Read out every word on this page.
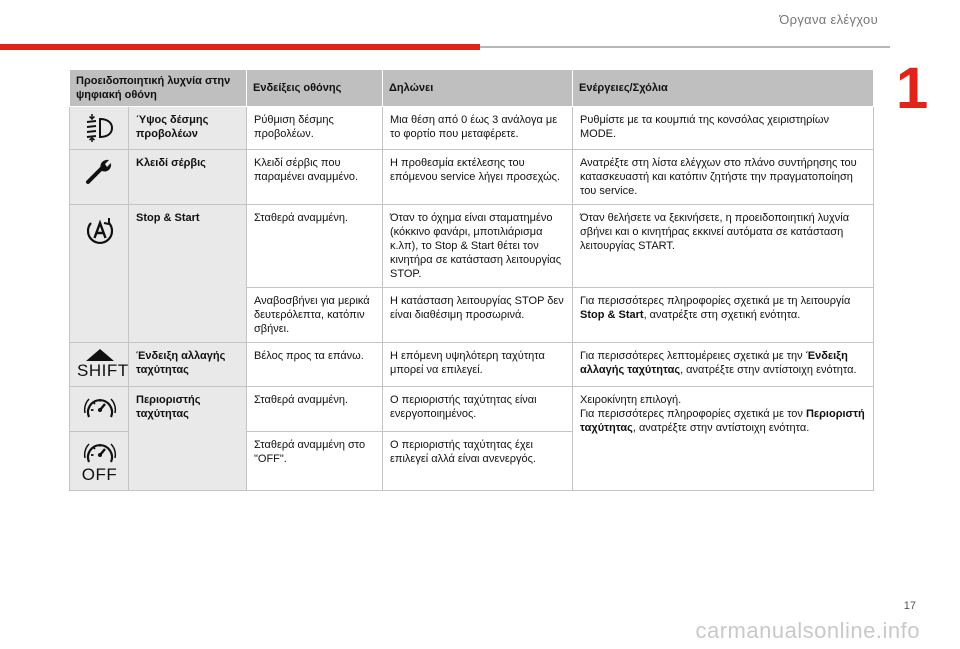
Όργανα ελέγχου
1
Προειδοποιητική λυχνία στην ψηφιακή οθόνη		Ενδείξεις οθόνης	Δηλώνει	Ενέργειες/Σχόλια

	Ύψος δέσμης προβολέων	Ρύθμιση δέσμης προβολέων.	Μια θέση από 0 έως 3 ανάλογα με το φορτίο που μεταφέρετε.	Ρυθμίστε με τα κουμπιά της κονσόλας χειριστηρίων MODE.

	Κλειδί σέρβις	Κλειδί σέρβις που παραμένει αναμμένο.	Η προθεσμία εκτέλεσης του επόμενου service λήγει προσεχώς.	Ανατρέξτε στη λίστα ελέγχων στο πλάνο συντήρησης του κατασκευαστή και κατόπιν ζητήστε την πραγματοποίηση του service.

	Stop & Start	Σταθερά αναμμένη.	Όταν το όχημα είναι σταματημένο (κόκκινο φανάρι, μποτιλιάρισμα κ.λπ), το Stop & Start θέτει τον κινητήρα σε κατάσταση λειτουργίας STOP.	Όταν θελήσετε να ξεκινήσετε, η προειδοποιητική λυχνία σβήνει και ο κινητήρας εκκινεί αυτόματα σε κατάσταση λειτουργίας START.
		Αναβοσβήνει για μερικά δευτερόλεπτα, κατόπιν σβήνει.	Η κατάσταση λειτουργίας STOP δεν είναι διαθέσιμη προσωρινά.	Για περισσότερες πληροφορίες σχετικά με τη λειτουργία Stop & Start, ανατρέξτε στη σχετική ενότητα.

SHIFT	Ένδειξη αλλαγής ταχύτητας	Βέλος προς τα επάνω.	Η επόμενη υψηλότερη ταχύτητα μπορεί να επιλεγεί.	Για περισσότερες λεπτομέρειες σχετικά με την Ένδειξη αλλαγής ταχύτητας, ανατρέξτε στην αντίστοιχη ενότητα.

	Περιοριστής ταχύτητας	Σταθερά αναμμένη.	Ο περιοριστής ταχύτητας είναι ενεργοποιημένος.	Χειροκίνητη επιλογή.
Για περισσότερες πληροφορίες σχετικά με τον Περιοριστή ταχύτητας, ανατρέξτε στην αντίστοιχη ενότητα.

OFF		Σταθερά αναμμένη στο "OFF".	Ο περιοριστής ταχύτητας έχει επιλεγεί αλλά είναι ανενεργός.	
17
carmanualsonline.info
